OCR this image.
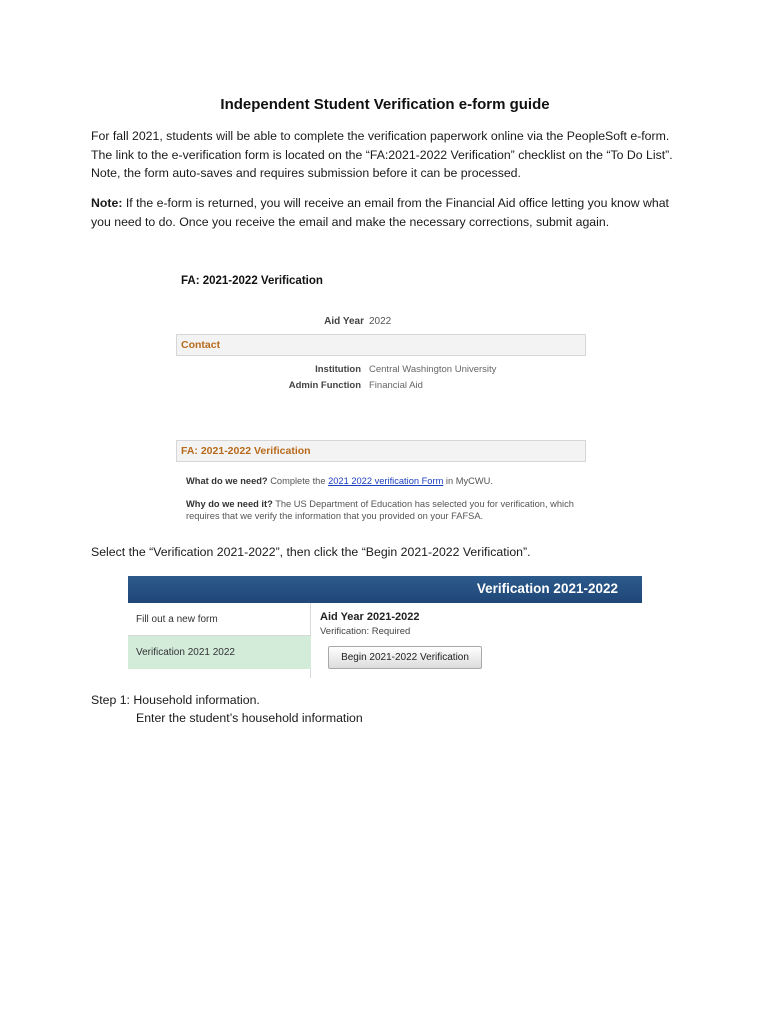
Independent Student Verification e-form guide

For fall 2021, students will be able to complete the verification paperwork online via the PeopleSoft e-form. The link to the e-verification form is located on the “FA:2021-2022 Verification” checklist on the “To Do List”. Note, the form auto-saves and requires submission before it can be processed.

Note: If the e-form is returned, you will receive an email from the Financial Aid office letting you know what you need to do. Once you receive the email and make the necessary corrections, submit again.

FA: 2021-2022 Verification
Aid Year 2022
Contact
Institution Central Washington University
Admin Function Financial Aid
FA: 2021-2022 Verification
What do we need? Complete the 2021 2022 verification Form in MyCWU.
Why do we need it? The US Department of Education has selected you for verification, which requires that we verify the information that you provided on your FAFSA.

Select the “Verification 2021-2022”, then click the “Begin 2021-2022 Verification”.

Verification 2021-2022
Fill out a new form
Verification 2021 2022
Aid Year 2021-2022
Verification: Required
Begin 2021-2022 Verification

Step 1: Household information.

Enter the student’s household information
